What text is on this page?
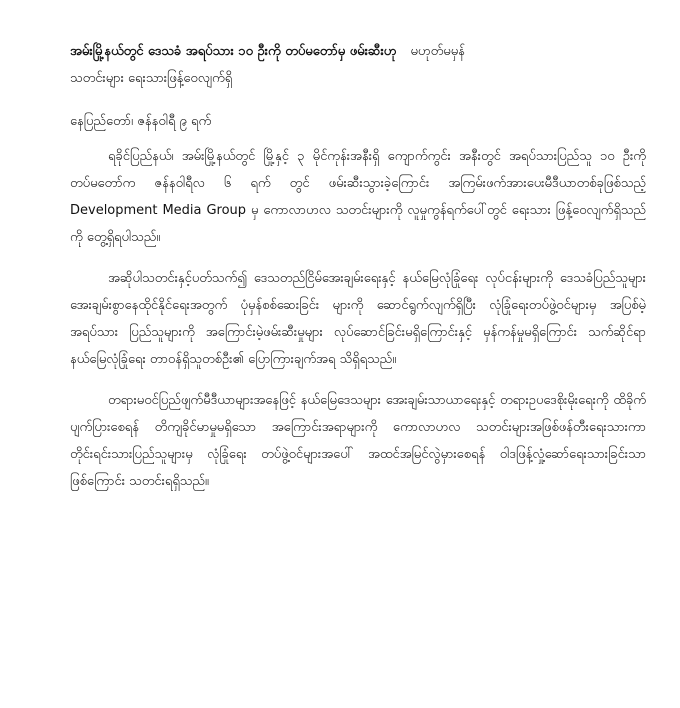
အမ်းမြို့နယ်တွင် ဒေသခံ အရပ်သား ၁၀ ဦးကို တပ်မတော်မှ ဖမ်းဆီးဟု မဟုတ်မမှန်
သတင်းများ ရေးသားဖြန့်ဝေလျက်ရှိ
နေပြည်တော်၊ ဇန်နဝါရီ ၉ ရက်

ရခိုင်ပြည်နယ်၊ အမ်းမြို့နယ်တွင် မြို့နှင့် ၃ မိုင်ကုန်းအနီးရှိ ကျောက်ကွင်း အနီးတွင် အရပ်သားပြည်သူ ၁၀ ဦးကို တပ်မတော်က ဇန်နဝါရီလ ၆ ရက် တွင် ဖမ်းဆီးသွားခဲ့ကြောင်း အကြမ်းဖက်အားပေးမီဒီယာတစ်ခုဖြစ်သည့် Development Media Group မှ ကောလာဟလ သတင်းများကို လူမှုကွန်ရက်ပေါ်တွင် ရေးသား ဖြန့်ဝေလျက်ရှိသည်ကို တွေ့ရှိရပါသည်။

အဆိုပါသတင်းနှင့်ပတ်သက်၍ ဒေသတည်ငြိမ်အေးချမ်းရေးနှင့် နယ်မြေလုံခြုံရေး လုပ်ငန်းများကို ဒေသခံပြည်သူများ အေးချမ်းစွာနေထိုင်နိုင်ရေးအတွက် ပုံမှန်စစ်ဆေးခြင်း များကို ဆောင်ရွက်လျက်ရှိပြီး လုံခြုံရေးတပ်ဖွဲ့ဝင်များမှ အပြစ်မဲ့အရပ်သား ပြည်သူများကို အကြောင်းမဲ့ဖမ်းဆီးမှုများ လုပ်ဆောင်ခြင်းမရှိကြောင်းနှင့် မှန်ကန်မှုမရှိကြောင်း သက်ဆိုင်ရာ နယ်မြေလုံခြုံရေး တာဝန်ရှိသူတစ်ဦး၏ ပြောကြားချက်အရ သိရှိရသည်။

တရားမဝင်ပြည်ဖျက်မီဒီယာများအနေဖြင့် နယ်မြေဒေသများ အေးချမ်းသာယာရေးနှင့် တရားဥပဒေစိုးမိုးရေးကို ထိခိုက်ပျက်ပြားစေရန် တိကျခိုင်မာမှုမရှိသော အကြောင်းအရာများကို ကောလာဟလ သတင်းများအဖြစ်ဖန်တီးရေးသားကာ တိုင်းရင်းသားပြည်သူများမှ လုံခြုံရေး တပ်ဖွဲ့ဝင်များအပေါ် အထင်အမြင်လွဲမှားစေရန် ဝါဒဖြန့်လှုံ့ဆော်ရေးသားခြင်းသာ ဖြစ်ကြောင်း သတင်းရရှိသည်။
